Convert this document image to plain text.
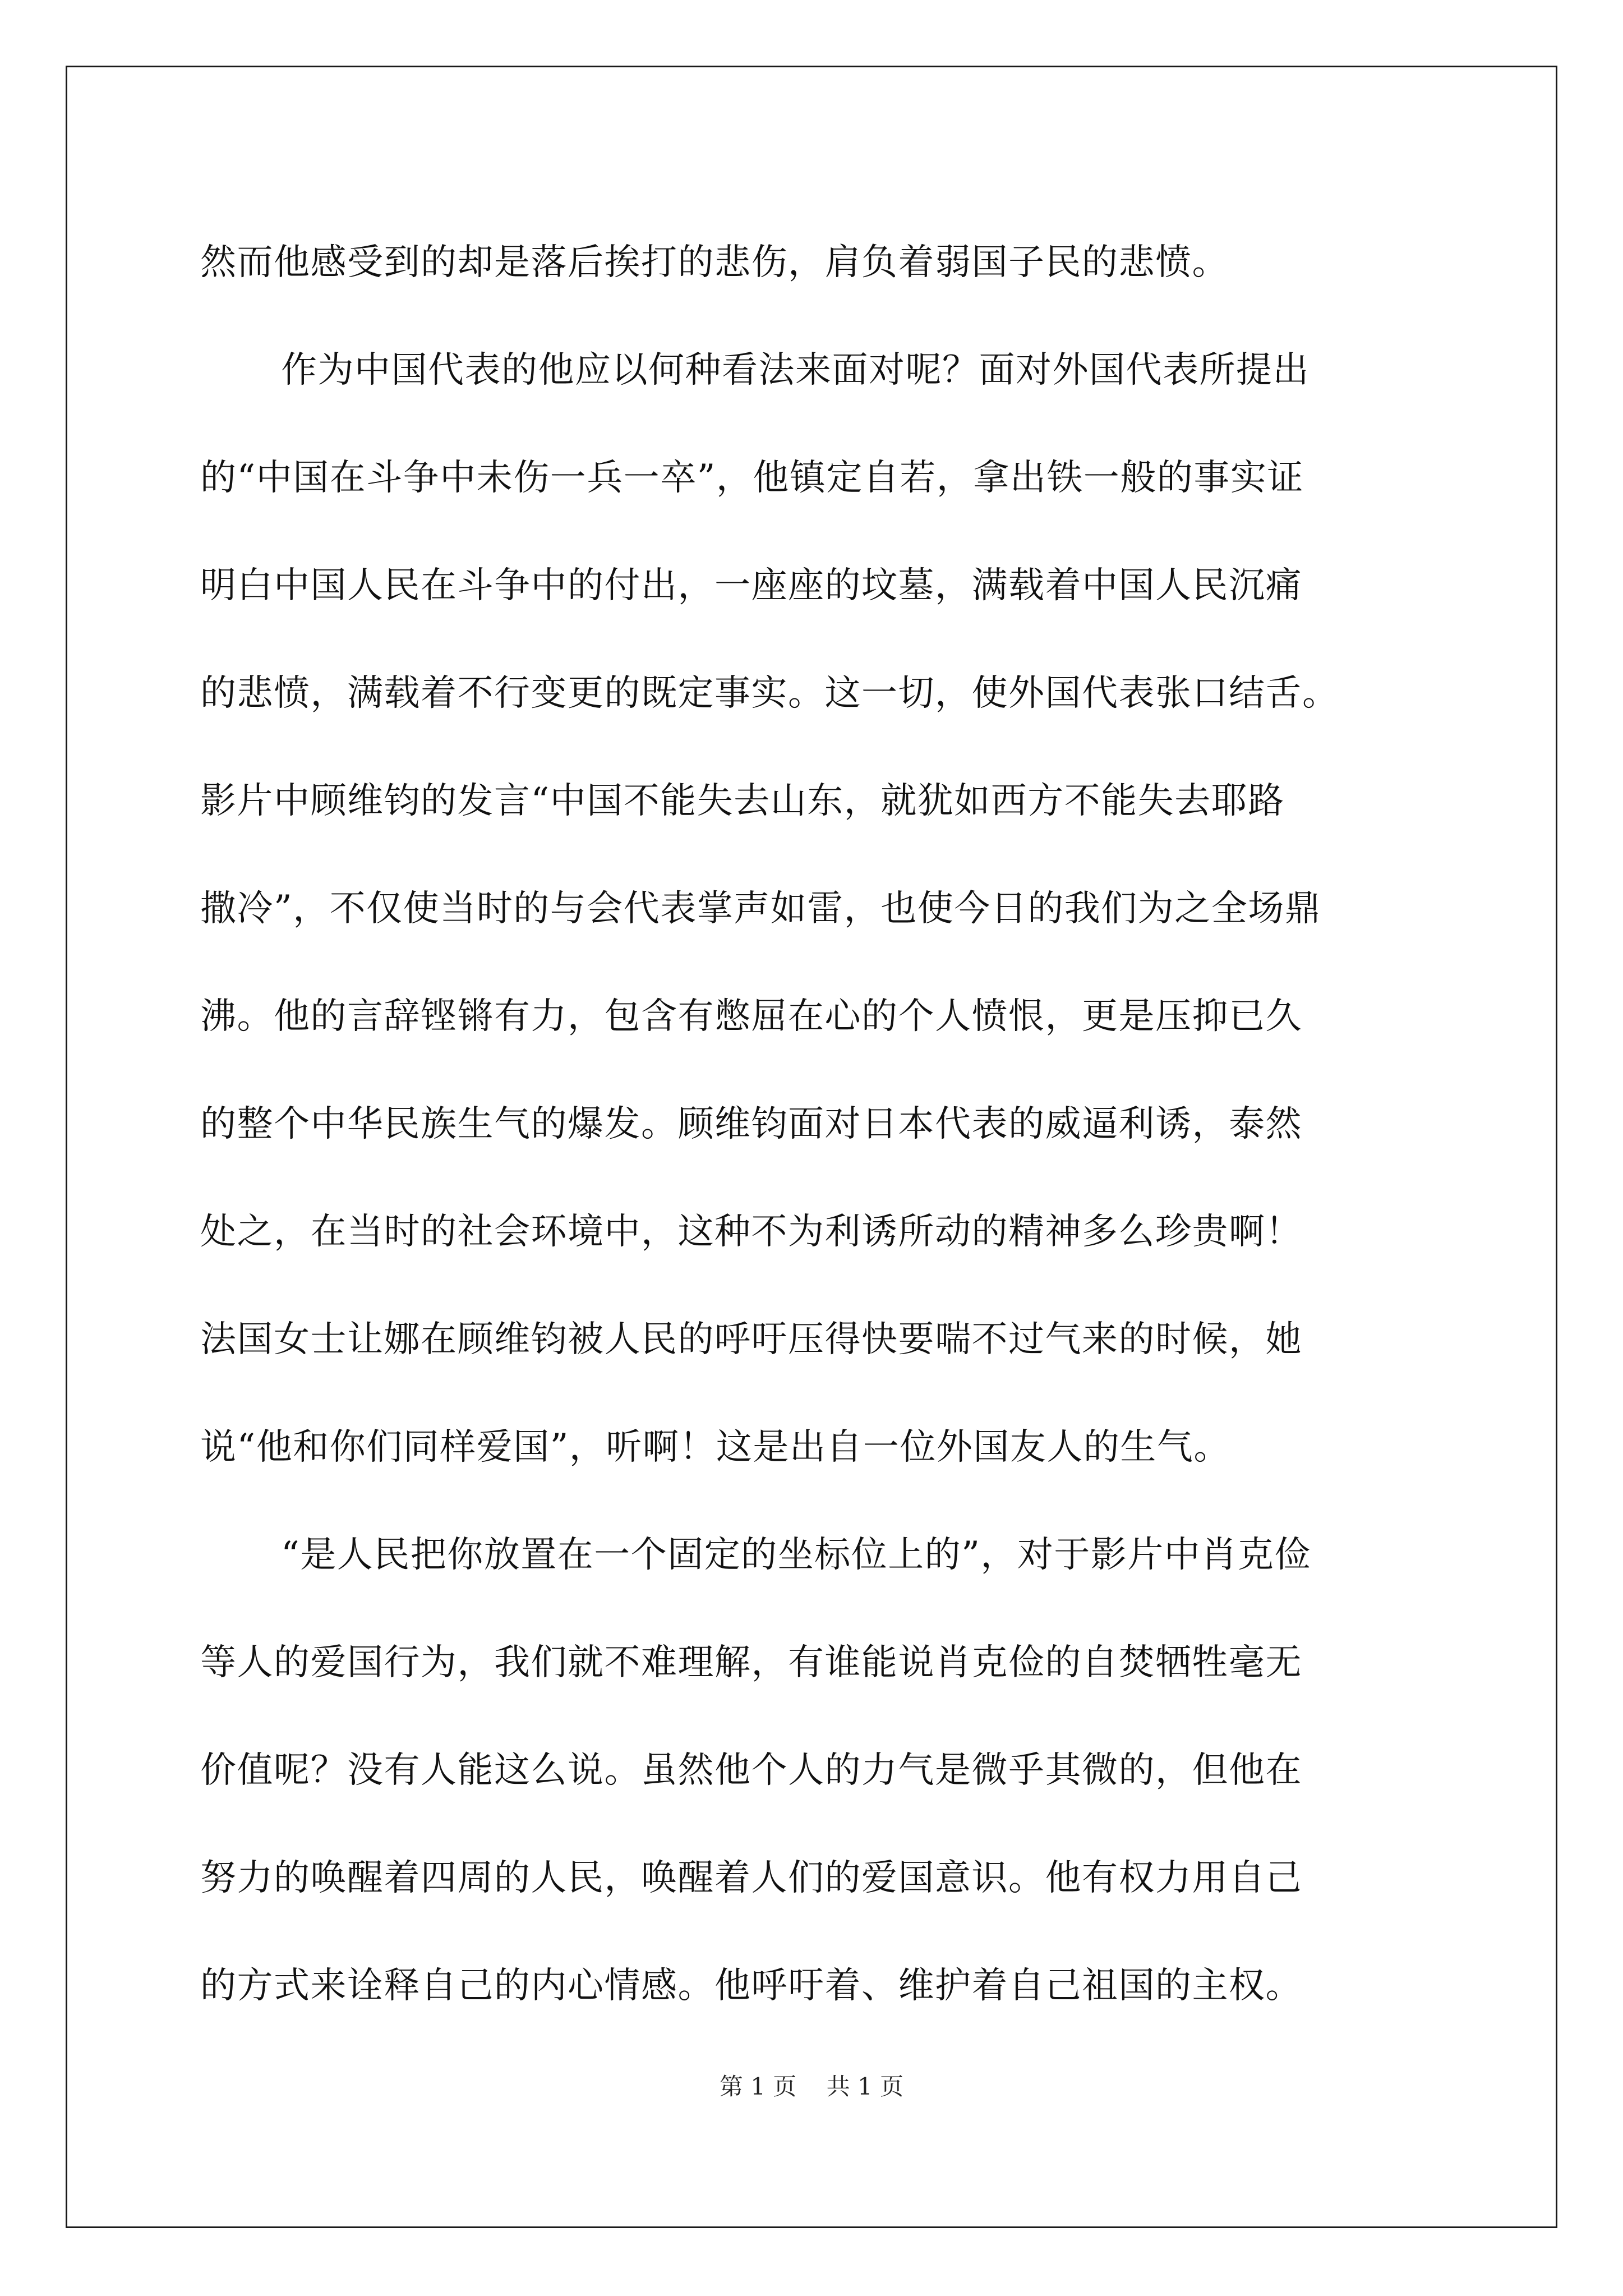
然而他感受到的却是落后挨打的悲伤，肩负着弱国子民的悲愤。
作为中国代表的他应以何种看法来面对呢？面对外国代表所提出
的“中国在斗争中未伤一兵一卒”，他镇定自若，拿出铁一般的事实证
明白中国人民在斗争中的付出，一座座的坟墓，满载着中国人民沉痛
的悲愤，满载着不行变更的既定事实。这一切，使外国代表张口结舌。
影片中顾维钧的发言“中国不能失去山东，就犹如西方不能失去耶路
撒冷”，不仅使当时的与会代表掌声如雷，也使今日的我们为之全场鼎
沸。他的言辞铿锵有力，包含有憋屈在心的个人愤恨，更是压抑已久
的整个中华民族生气的爆发。顾维钧面对日本代表的威逼利诱，泰然
处之，在当时的社会环境中，这种不为利诱所动的精神多么珍贵啊！
法国女士让娜在顾维钧被人民的呼吁压得快要喘不过气来的时候，她
说“他和你们同样爱国”，听啊！这是出自一位外国友人的生气。
“是人民把你放置在一个固定的坐标位上的”，对于影片中肖克俭
等人的爱国行为，我们就不难理解，有谁能说肖克俭的自焚牺牲毫无
价值呢？没有人能这么说。虽然他个人的力气是微乎其微的，但他在
努力的唤醒着四周的人民，唤醒着人们的爱国意识。他有权力用自己
的方式来诠释自己的内心情感。他呼吁着、维护着自己祖国的主权。
第 1 页    共 1 页
